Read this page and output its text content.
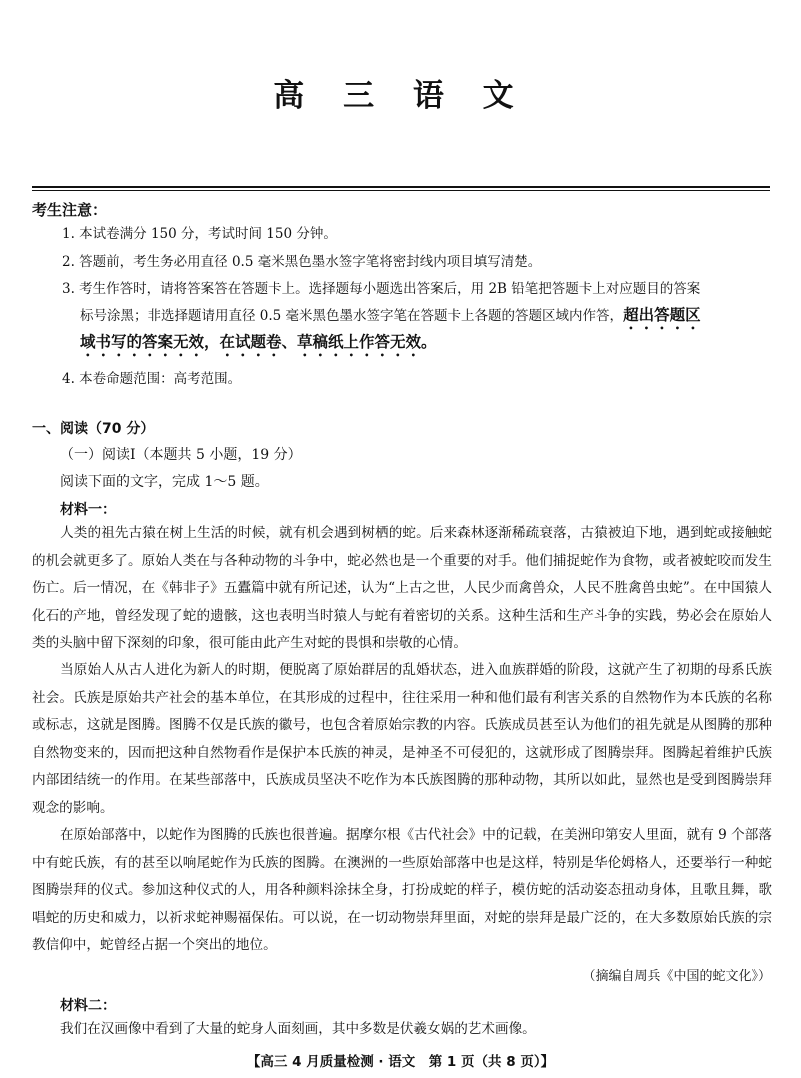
高 三 语 文
考生注意：
1. 本试卷满分 150 分，考试时间 150 分钟。
2. 答题前，考生务必用直径 0.5 毫米黑色墨水签字笔将密封线内项目填写清楚。
3. 考生作答时，请将答案答在答题卡上。选择题每小题选出答案后，用 2B 铅笔把答题卡上对应题目的答案
标号涂黑；非选择题请用直径 0.5 毫米黑色墨水签字笔在答题卡上各题的答题区域内作答，超出答题区
域书写的答案无效，在试题卷、草稿纸上作答无效。
4. 本卷命题范围：高考范围。
一、阅读（70 分）
（一）阅读Ⅰ（本题共 5 小题，19 分）
阅读下面的文字，完成 1～5 题。
材料一：
人类的祖先古猿在树上生活的时候，就有机会遇到树栖的蛇。后来森林逐渐稀疏衰落，古猿被迫下地，遇到蛇或接触蛇的机会就更多了。原始人类在与各种动物的斗争中，蛇必然也是一个重要的对手。他们捕捉蛇作为食物，或者被蛇咬而发生伤亡。后一情况，在《韩非子》五蠹篇中就有所记述，认为“上古之世，人民少而禽兽众，人民不胜禽兽虫蛇”。在中国猿人化石的产地，曾经发现了蛇的遗骸，这也表明当时猿人与蛇有着密切的关系。这种生活和生产斗争的实践，势必会在原始人类的头脑中留下深刻的印象，很可能由此产生对蛇的畏惧和崇敬的心情。
当原始人从古人进化为新人的时期，便脱离了原始群居的乱婚状态，进入血族群婚的阶段，这就产生了初期的母系氏族社会。氏族是原始共产社会的基本单位，在其形成的过程中，往往采用一种和他们最有利害关系的自然物作为本氏族的名称或标志，这就是图腾。图腾不仅是氏族的徽号，也包含着原始宗教的内容。氏族成员甚至认为他们的祖先就是从图腾的那种自然物变来的，因而把这种自然物看作是保护本氏族的神灵，是神圣不可侵犯的，这就形成了图腾崇拜。图腾起着维护氏族内部团结统一的作用。在某些部落中，氏族成员坚决不吃作为本氏族图腾的那种动物，其所以如此，显然也是受到图腾崇拜观念的影响。
在原始部落中，以蛇作为图腾的氏族也很普遍。据摩尔根《古代社会》中的记载，在美洲印第安人里面，就有 9 个部落中有蛇氏族，有的甚至以响尾蛇作为氏族的图腾。在澳洲的一些原始部落中也是这样，特别是华伦姆格人，还要举行一种蛇图腾崇拜的仪式。参加这种仪式的人，用各种颜料涂抹全身，打扮成蛇的样子，模仿蛇的活动姿态扭动身体，且歌且舞，歌唱蛇的历史和威力，以祈求蛇神赐福保佑。可以说，在一切动物崇拜里面，对蛇的崇拜是最广泛的，在大多数原始氏族的宗教信仰中，蛇曾经占据一个突出的地位。
（摘编自周兵《中国的蛇文化》）
材料二：
我们在汉画像中看到了大量的蛇身人面刻画，其中多数是伏羲女娲的艺术画像。
【高三 4 月质量检测 · 语文　第 1 页（共 8 页）】
